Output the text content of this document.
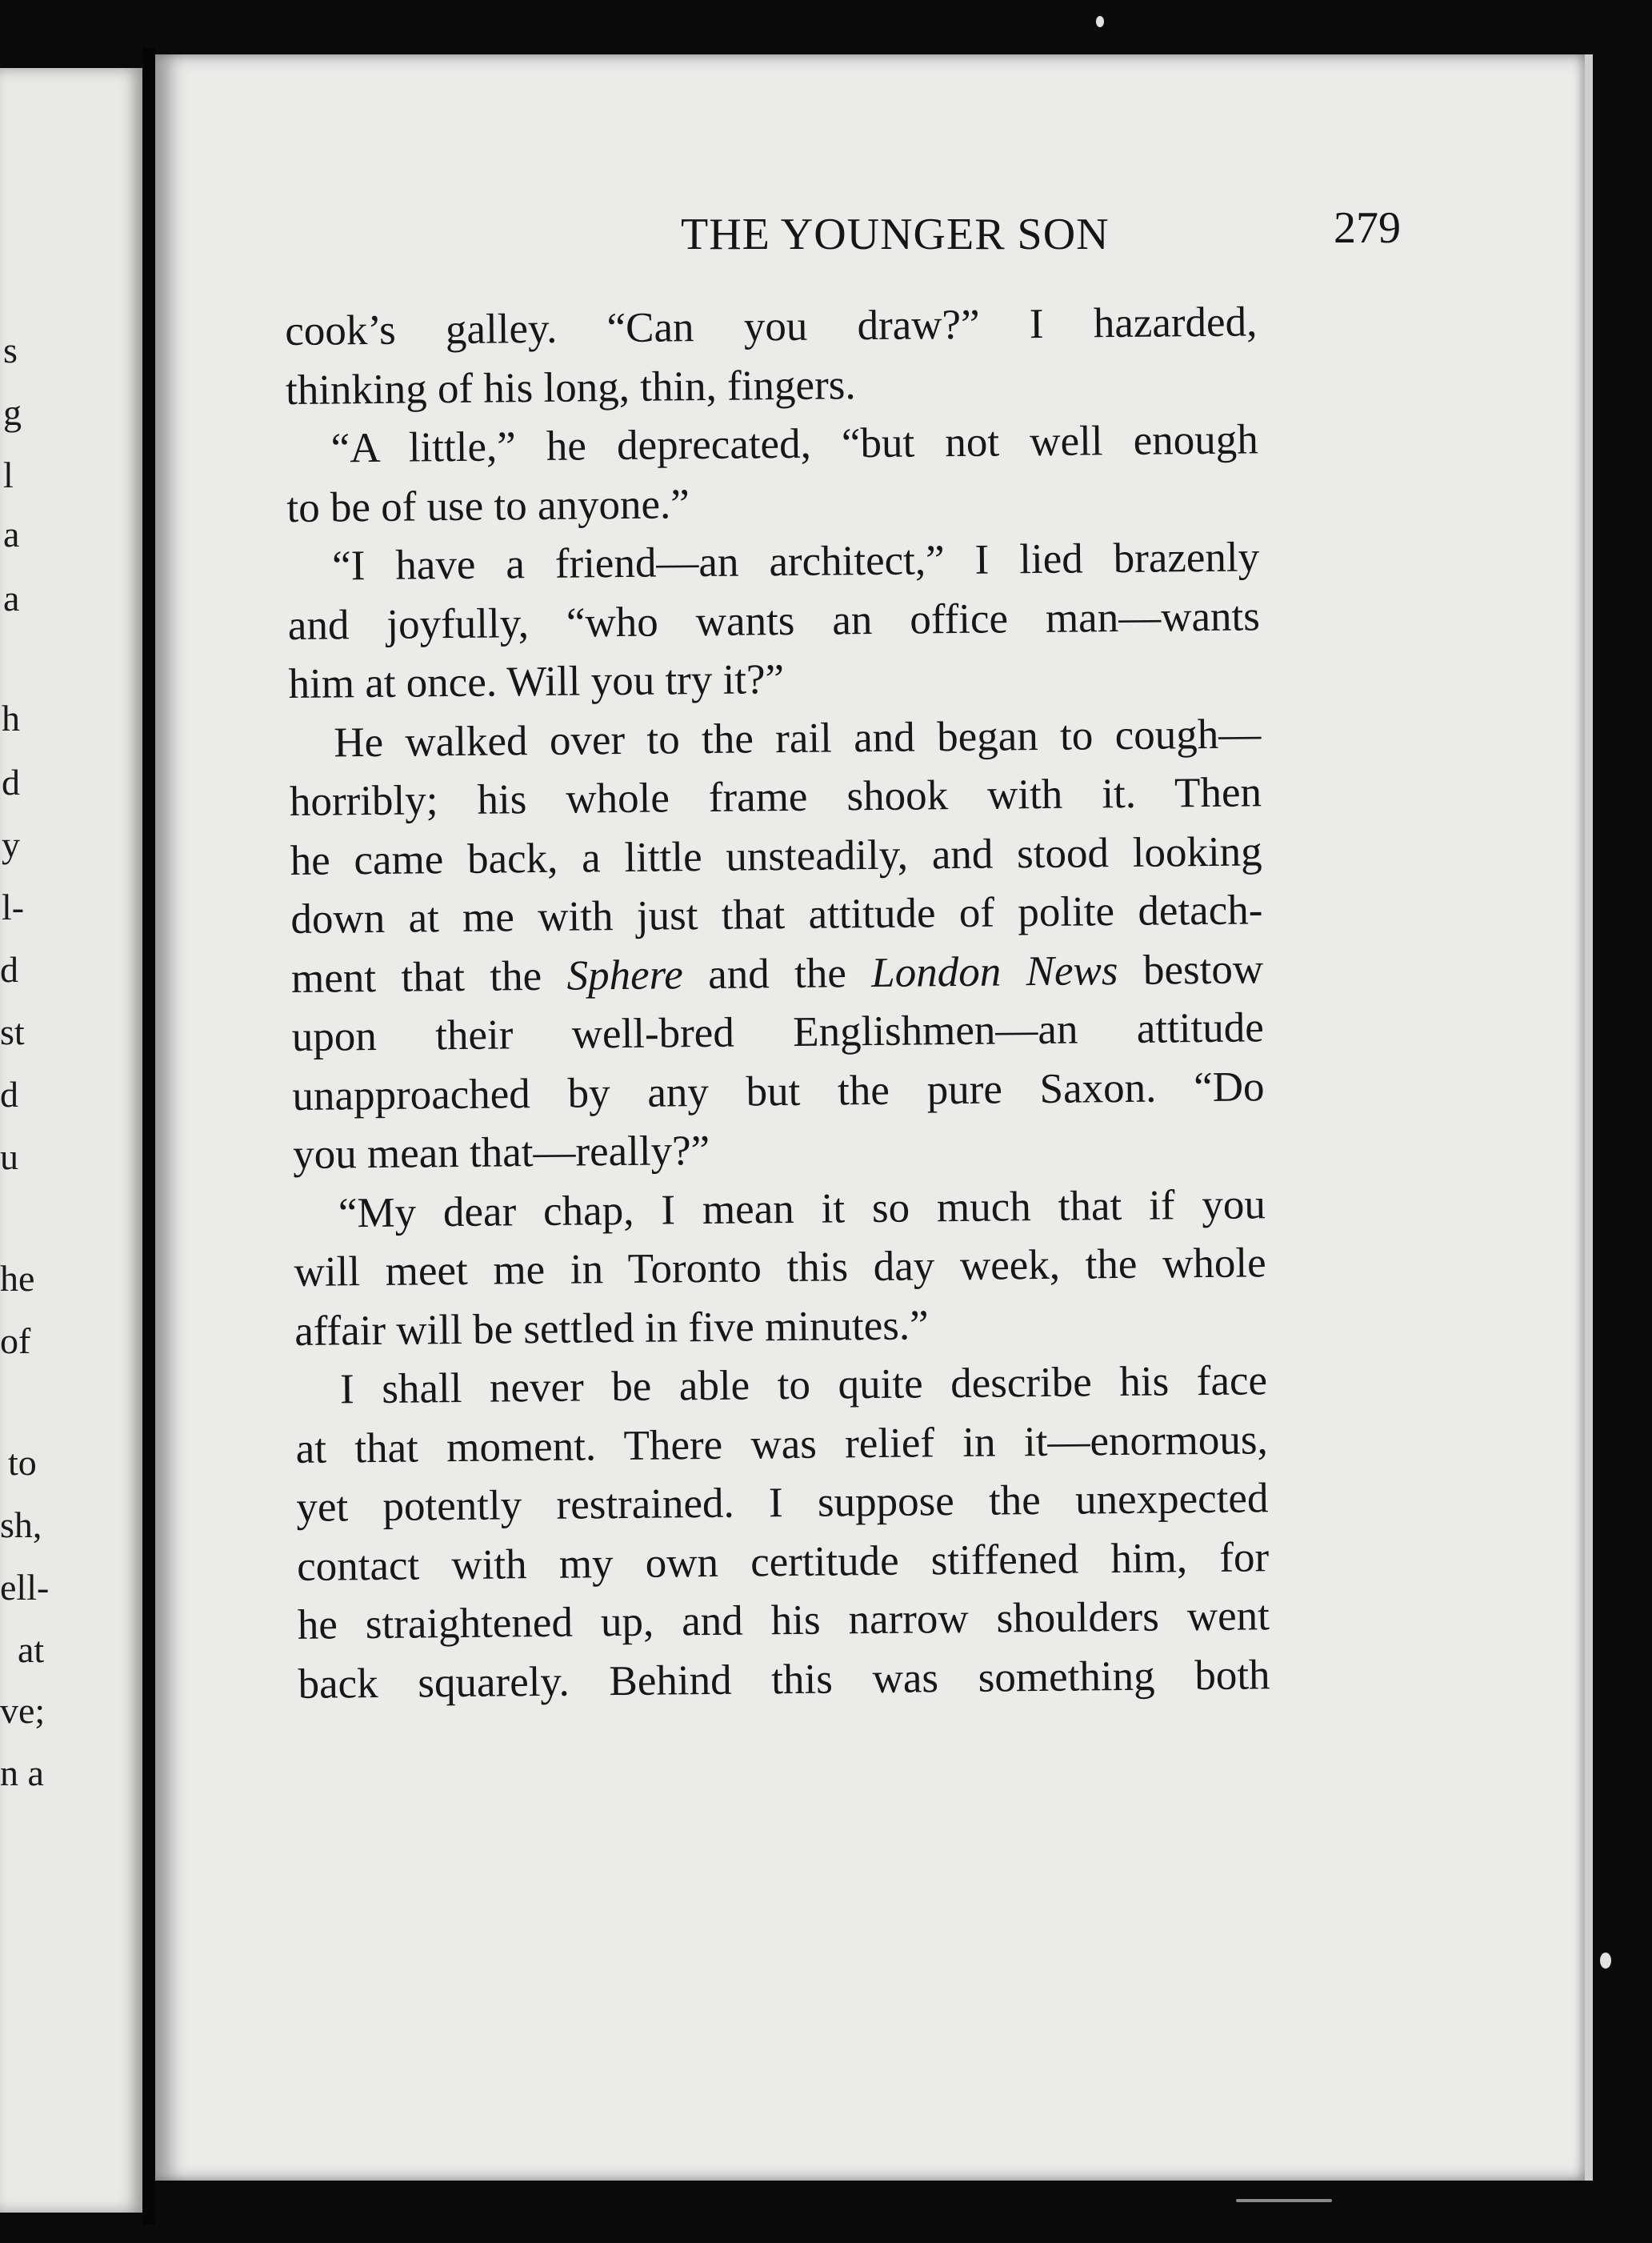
s
g
l
a
a
h
d
y
l-
d
st
d
u
he
of
to
sh,
ell-
at
ve;
n a
THE YOUNGER SON	279
cook’s galley. “Can you draw?” I hazarded,
thinking of his long, thin, fingers.
“A little,” he deprecated, “but not well enough
to be of use to anyone.”
“I have a friend—an architect,” I lied brazenly
and joyfully, “who wants an office man—wants
him at once. Will you try it?”
He walked over to the rail and began to cough—
horribly; his whole frame shook with it. Then
he came back, a little unsteadily, and stood looking
down at me with just that attitude of polite detach-
ment that the Sphere and the London News bestow
upon their well-bred Englishmen—an attitude
unapproached by any but the pure Saxon. “Do
you mean that—really?”
“My dear chap, I mean it so much that if you
will meet me in Toronto this day week, the whole
affair will be settled in five minutes.”
I shall never be able to quite describe his face
at that moment. There was relief in it—enormous,
yet potently restrained. I suppose the unexpected
contact with my own certitude stiffened him, for
he straightened up, and his narrow shoulders went
back squarely. Behind this was something both
